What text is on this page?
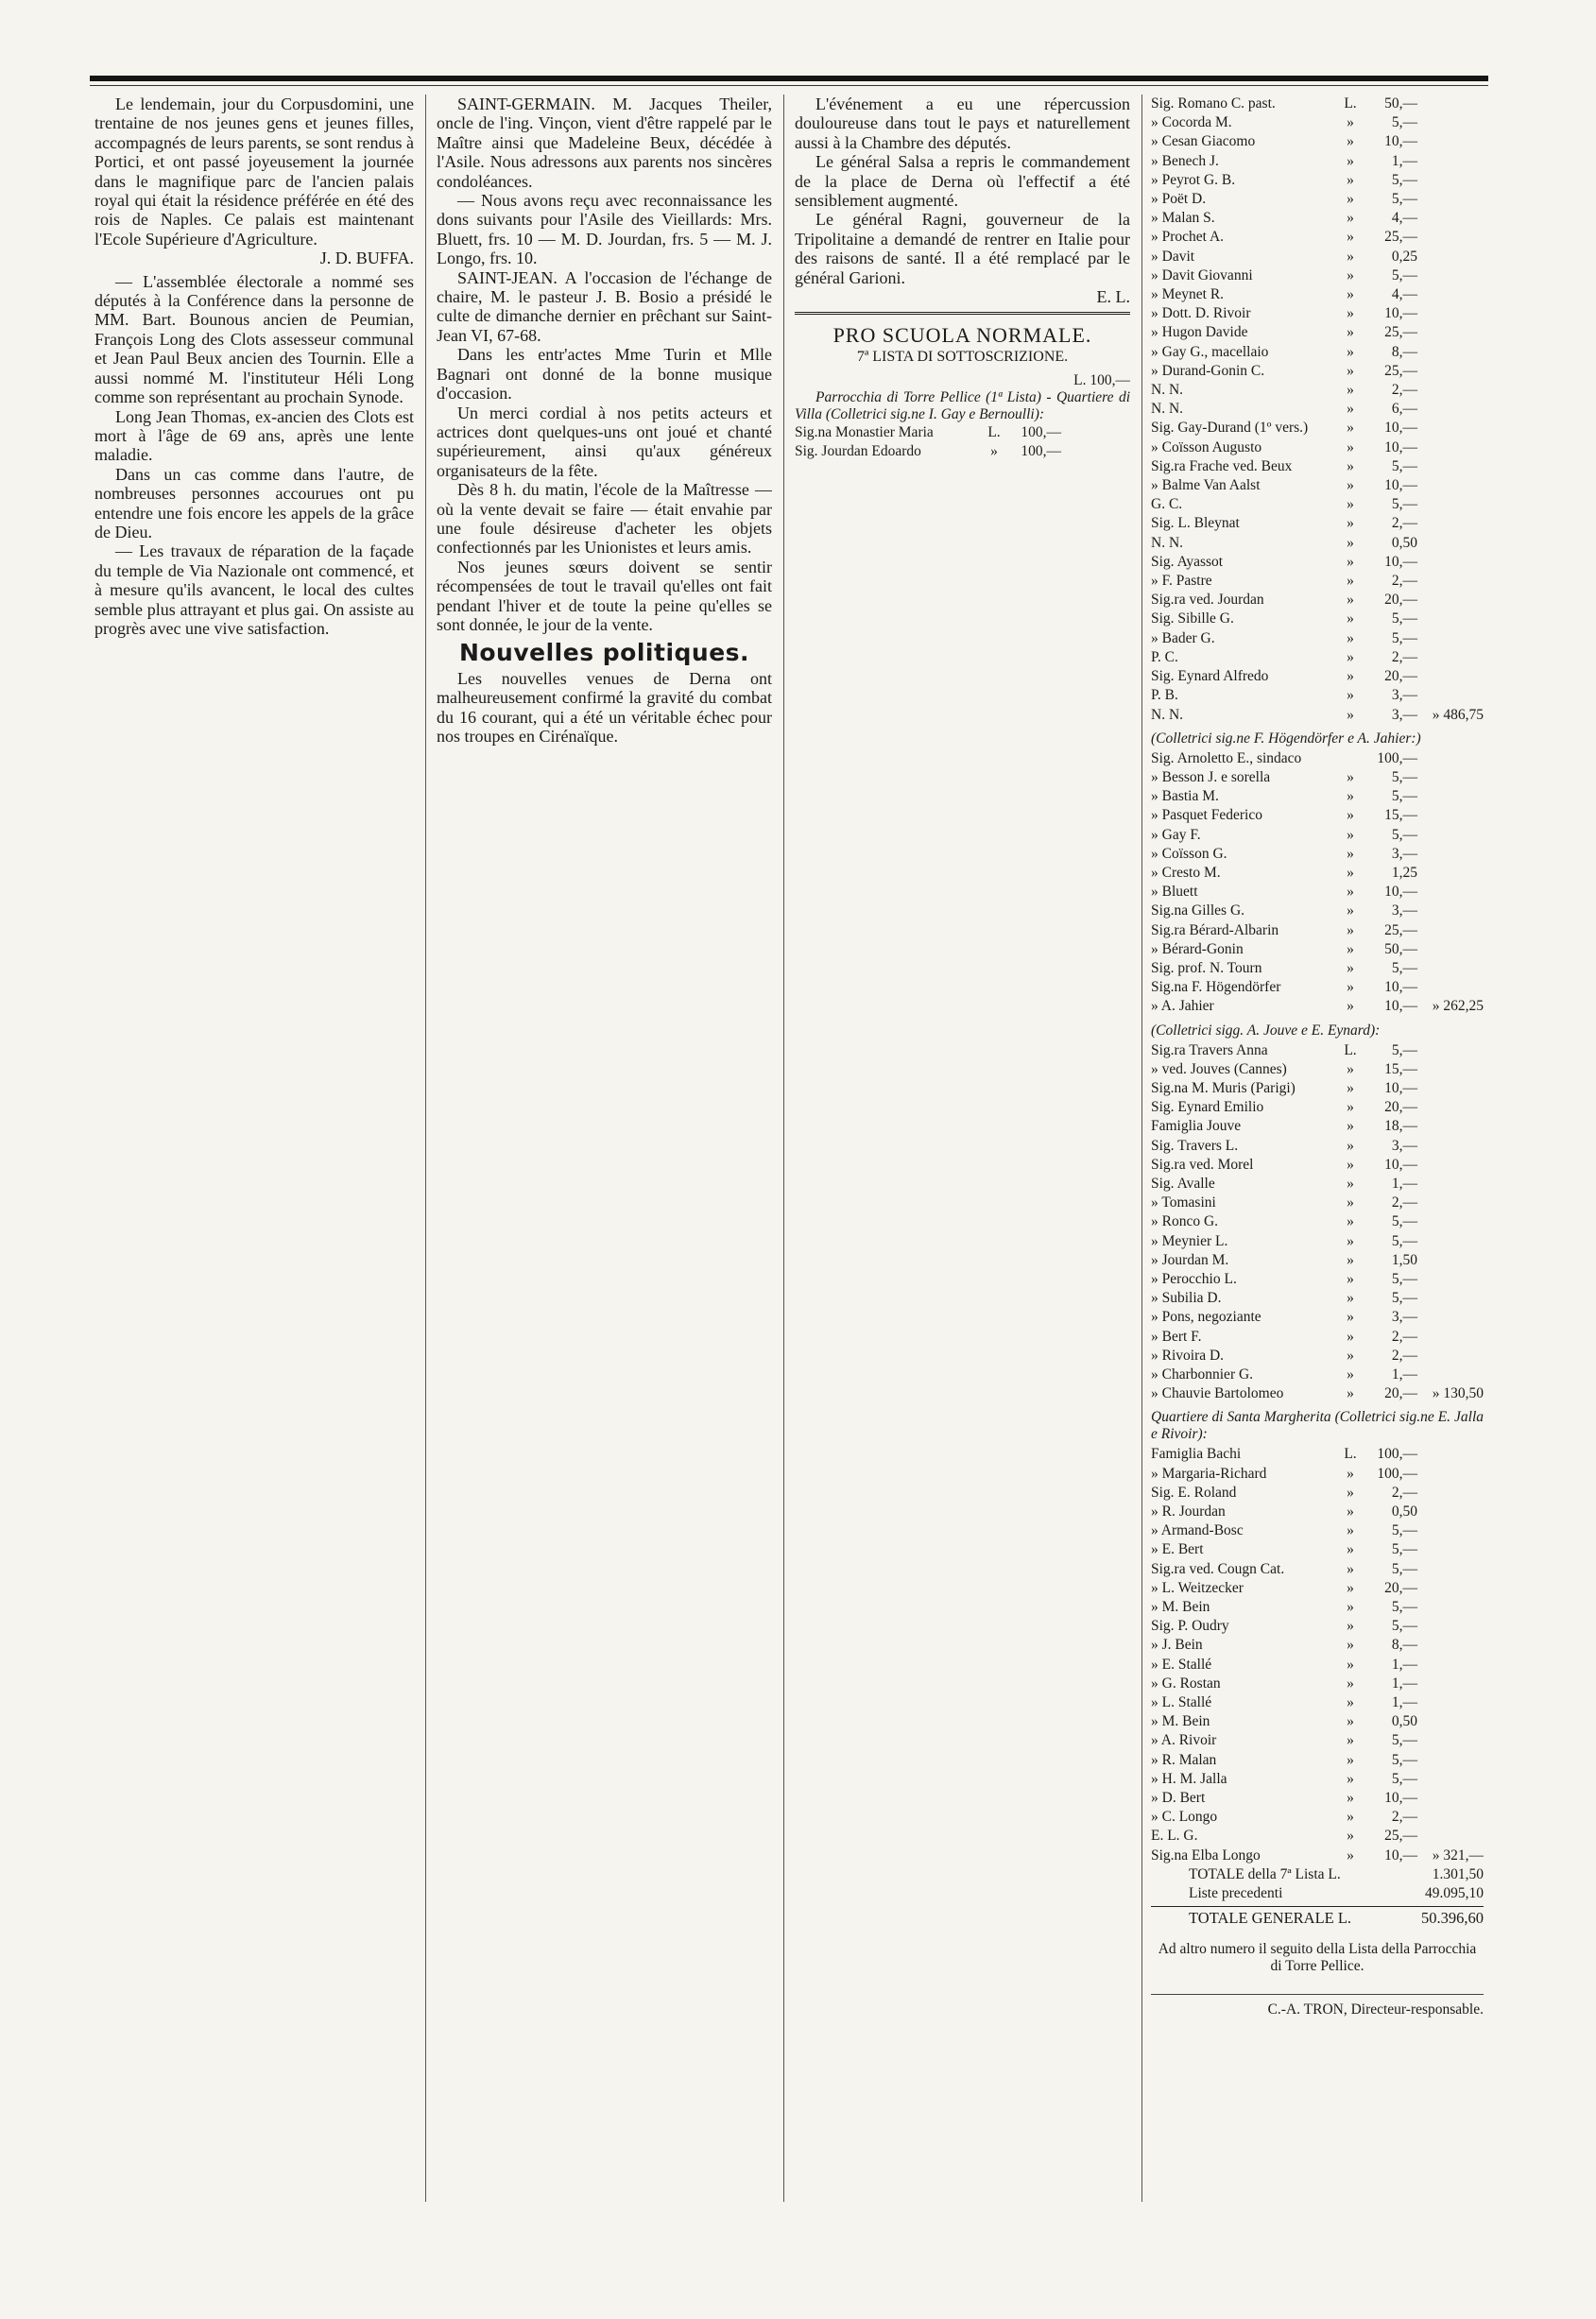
Le lendemain, jour du Corpusdomini, une trentaine de nos jeunes gens et jeunes filles, accompagnés de leurs parents, se sont rendus à Portici, et ont passé joyeusement la journée dans le magnifique parc de l'ancien palais royal qui était la résidence préférée en été des rois de Naples. Ce palais est maintenant l'Ecole Supérieure d'Agriculture.

J. D. BUFFA.

— L'assemblée électorale a nommé ses députés à la Conférence dans la personne de MM. Bart. Bounous ancien de Peumian, François Long des Clots assesseur communal et Jean Paul Beux ancien des Tournin. Elle a aussi nommé M. l'instituteur Héli Long comme son représentant au prochain Synode.

Long Jean Thomas, ex-ancien des Clots est mort à l'âge de 69 ans, après une lente maladie.

Dans un cas comme dans l'autre, de nombreuses personnes accourues ont pu entendre une fois encore les appels de la grâce de Dieu.

— Les travaux de réparation de la façade du temple de Via Nazionale ont commencé, et à mesure qu'ils avancent, le local des cultes semble plus attrayant et plus gai. On assiste au progrès avec une vive satisfaction.

SAINT-GERMAIN. M. Jacques Theiler, oncle de l'ing. Vinçon, vient d'être rappelé par le Maître ainsi que Madeleine Beux, décédée à l'Asile. Nous adressons aux parents nos sincères condoléances.

— Nous avons reçu avec reconnaissance les dons suivants pour l'Asile des Vieillards: Mrs. Bluett, frs. 10 — M. D. Jourdan, frs. 5 — M. J. Longo, frs. 10.

SAINT-JEAN. A l'occasion de l'échange de chaire, M. le pasteur J. B. Bosio a présidé le culte de dimanche dernier en prêchant sur Saint-Jean VI, 67-68.

Dans les entr'actes Mme Turin et Mlle Bagnari ont donné de la bonne musique d'occasion.

Un merci cordial à nos petits acteurs et actrices dont quelques-uns ont joué et chanté supérieurement, ainsi qu'aux généreux organisateurs de la fête.

Dès 8 h. du matin, l'école de la Maîtresse — où la vente devait se faire — était envahie par une foule désireuse d'acheter les objets confectionnés par les Unionistes et leurs amis.

Nos jeunes sœurs doivent se sentir récompensées de tout le travail qu'elles ont fait pendant l'hiver et de toute la peine qu'elles se sont donnée, le jour de la vente.

Nouvelles politiques.

Les nouvelles venues de Derna ont malheureusement confirmé la gravité du combat du 16 courant, qui a été un véritable échec pour nos troupes en Cirénaïque.

L'événement a eu une répercussion douloureuse dans tout le pays et naturellement aussi à la Chambre des députés.

Le général Salsa a repris le commandement de la place de Derna où l'effectif a été sensiblement augmenté.

Le général Ragni, gouverneur de la Tripolitaine a demandé de rentrer en Italie pour des raisons de santé. Il a été remplacé par le général Garioni.

E. L.

PRO SCUOLA NORMALE.
7ª LISTA DI SOTTOSCRIZIONE.

L. 100,—

Parrocchia di Torre Pellice (1ª Lista) - Quartiere di Villa (Colletrici sig.ne I. Gay e Bernoulli):

Sig.na Monastier Maria	L.	100,—
Sig. Jourdan Edoardo	»	100,—
Sig. Romano C. past.	L.	50,—
» Cocorda M.	»	5,—
» Cesan Giacomo	»	10,—
» Benech J.	»	1,—
» Peyrot G. B.	»	5,—
» Poët D.	»	5,—
» Malan S.	»	4,—
» Prochet A.	»	25,—
» Davit	»	0,25
» Davit Giovanni	»	5,—
» Meynet R.	»	4,—
» Dott. D. Rivoir	»	10,—
» Hugon Davide	»	25,—
» Gay G., macellaio	»	8,—
» Durand-Gonin C.	»	25,—
N. N.	»	2,—
N. N.	»	6,—
Sig. Gay-Durand (1º vers.)	»	10,—
» Coïsson Augusto	»	10,—
Sig.ra Frache ved. Beux	»	5,—
» Balme Van Aalst	»	10,—
G. C.	»	5,—
Sig. L. Bleynat	»	2,—
N. N.	»	0,50
Sig. Ayassot	»	10,—
» F. Pastre	»	2,—
Sig.ra ved. Jourdan	»	20,—
Sig. Sibille G.	»	5,—
» Bader G.	»	5,—
P. C.	»	2,—
Sig. Eynard Alfredo	»	20,—
P. B.	»	3,—
N. N.	»	3,—	» 486,75
(Colletrici sig.ne F. Högendörfer e A. Jahier:)
Sig. Arnoletto E., sindaco	100,—
» Besson J. e sorella	»	5,—
» Bastia M.	»	5,—
» Pasquet Federico	»	15,—
» Gay F.	»	5,—
» Coïsson G.	»	3,—
» Cresto M.	»	1,25
» Bluett	»	10,—
Sig.na Gilles G.	»	3,—
Sig.ra Bérard-Albarin	»	25,—
» Bérard-Gonin	»	50,—
Sig. prof. N. Tourn	»	5,—
Sig.na F. Högendörfer	»	10,—
» A. Jahier	»	10,—	» 262,25
(Colletrici sigg. A. Jouve e E. Eynard):
Sig.ra Travers Anna	L.	5,—
» ved. Jouves (Cannes)	»	15,—
Sig.na M. Muris (Parigi)	»	10,—
Sig. Eynard Emilio	»	20,—
Famiglia Jouve	»	18,—
Sig. Travers L.	»	3,—
Sig.ra ved. Morel	»	10,—
Sig. Avalle	»	1,—
» Tomasini	»	2,—
» Ronco G.	»	5,—
» Meynier L.	»	5,—
» Jourdan M.	»	1,50
» Perocchio L.	»	5,—
» Subilia D.	»	5,—
» Pons, negoziante	»	3,—
» Bert F.	»	2,—
» Rivoira D.	»	2,—
» Charbonnier G.	»	1,—
» Chauvie Bartolomeo	»	20,—	» 130,50
Quartiere di Santa Margherita (Colletrici sig.ne E. Jalla e Rivoir):
Famiglia Bachi	L.	100,—
» Margaria-Richard	»	100,—
Sig. E. Roland	»	2,—
» R. Jourdan	»	0,50
» Armand-Bosc	»	5,—
» E. Bert	»	5,—
Sig.ra ved. Cougn Cat.	»	5,—
» L. Weitzecker	»	20,—
» M. Bein	»	5,—
Sig. P. Oudry	»	5,—
» J. Bein	»	8,—
» E. Stallé	»	1,—
» G. Rostan	»	1,—
» L. Stallé	»	1,—
» M. Bein	»	0,50
» A. Rivoir	»	5,—
» R. Malan	»	5,—
» H. M. Jalla	»	5,—
» D. Bert	»	10,—
» C. Longo	»	2,—
E. L. G.	»	25,—
Sig.na Elba Longo	»	10,—	» 321,—
TOTALE della 7ª Lista L.	1.301,50
Liste precedenti	49.095,10
TOTALE GENERALE L.	50.396,60
Ad altro numero il seguito della Lista della Parrocchia di Torre Pellice.
C.-A. TRON, Directeur-responsable.
